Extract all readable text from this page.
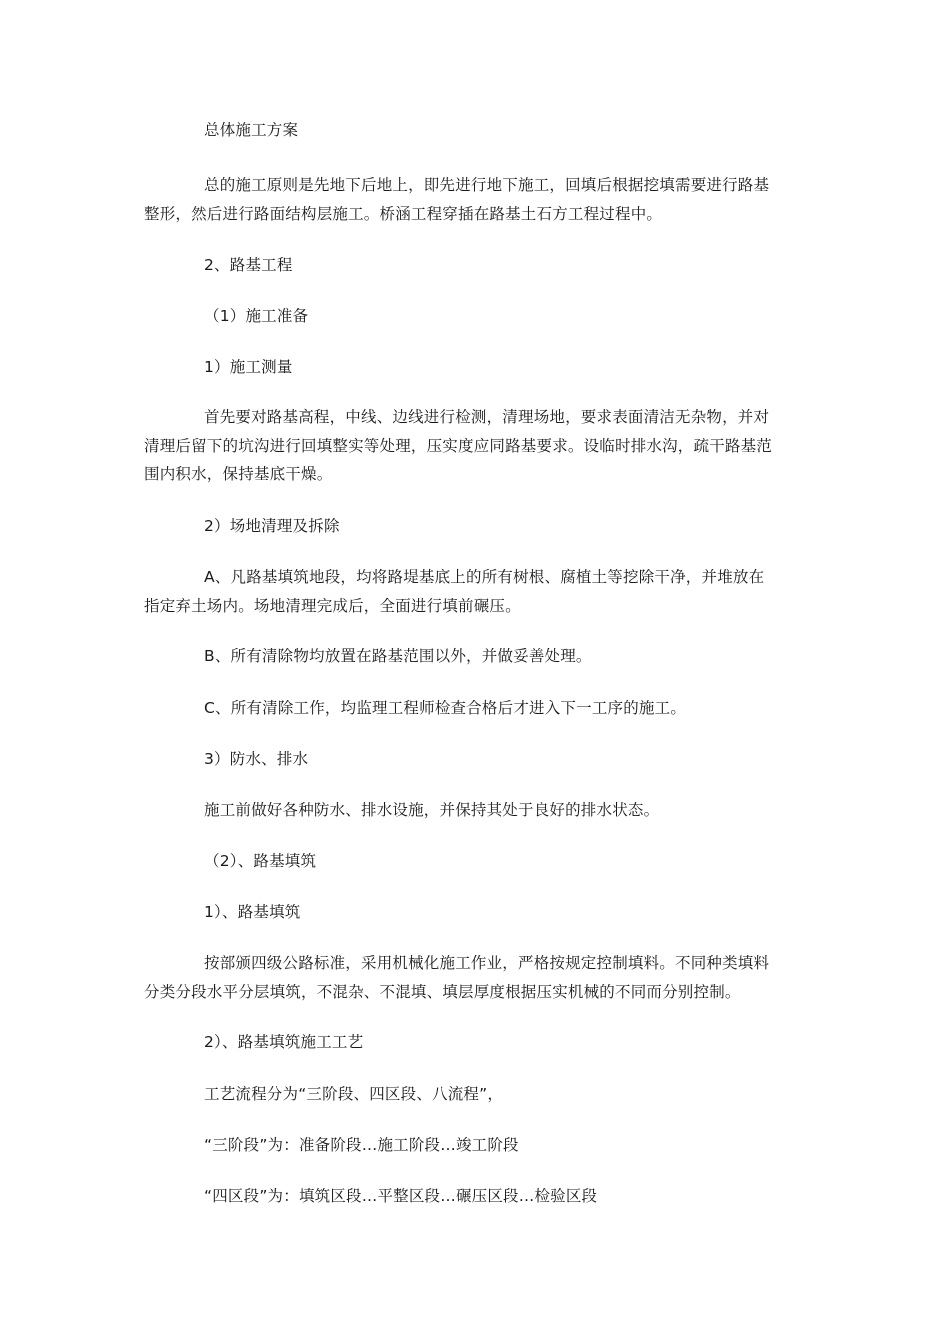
总体施工方案
总的施工原则是先地下后地上，即先进行地下施工，回填后根据挖填需要进行路基
整形，然后进行路面结构层施工。桥涵工程穿插在路基土石方工程过程中。
2、路基工程
（1）施工准备
1）施工测量
首先要对路基高程，中线、边线进行检测，清理场地，要求表面清洁无杂物，并对
清理后留下的坑沟进行回填整实等处理，压实度应同路基要求。设临时排水沟，疏干路基范
围内积水，保持基底干燥。
2）场地清理及拆除
A、凡路基填筑地段，均将路堤基底上的所有树根、腐植土等挖除干净，并堆放在
指定弃土场内。场地清理完成后，全面进行填前碾压。
B、所有清除物均放置在路基范围以外，并做妥善处理。
C、所有清除工作，均监理工程师检查合格后才进入下一工序的施工。
3）防水、排水
施工前做好各种防水、排水设施，并保持其处于良好的排水状态。
（2）、路基填筑
1）、路基填筑
按部颁四级公路标准，采用机械化施工作业，严格按规定控制填料。不同种类填料
分类分段水平分层填筑，不混杂、不混填、填层厚度根据压实机械的不同而分别控制。
2）、路基填筑施工工艺
工艺流程分为“三阶段、四区段、八流程”，
“三阶段”为：准备阶段…施工阶段…竣工阶段
“四区段”为：填筑区段…平整区段…碾压区段…检验区段
